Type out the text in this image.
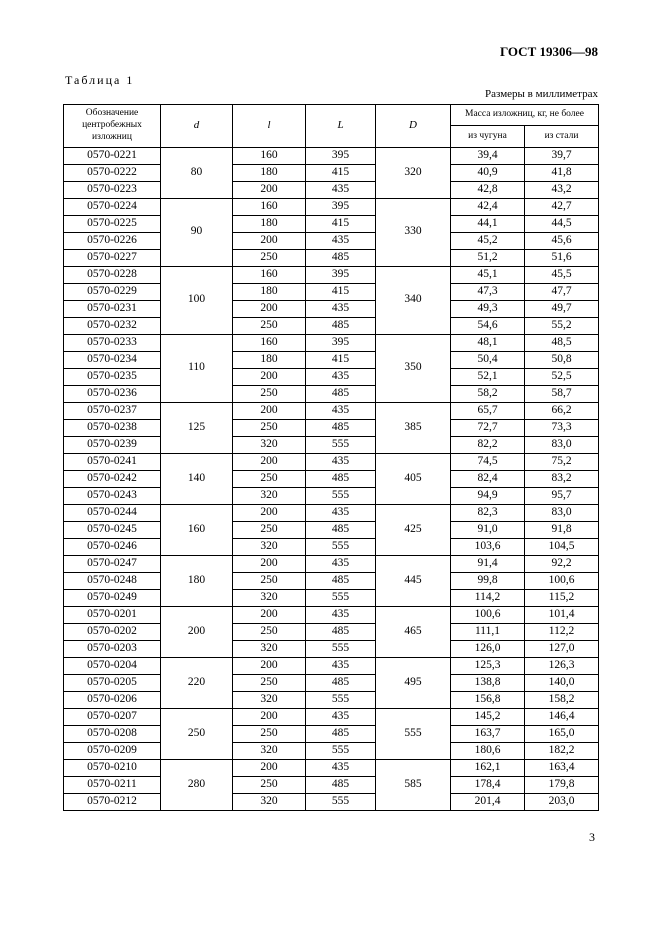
ГОСТ 19306—98
Таблица 1
Размеры в миллиметрах
Обозначение центробежных изложниц	d	l	L	D	Масса изложниц, кг, не более	
					из чугуна	из стали
0570-0221	80	160	395	320	39,4	39,7
0570-0222		180	415		40,9	41,8
0570-0223		200	435		42,8	43,2
0570-0224	90	160	395	330	42,4	42,7
0570-0225		180	415		44,1	44,5
0570-0226		200	435		45,2	45,6
0570-0227		250	485		51,2	51,6
0570-0228	100	160	395	340	45,1	45,5
0570-0229		180	415		47,3	47,7
0570-0231		200	435		49,3	49,7
0570-0232		250	485		54,6	55,2
0570-0233	110	160	395	350	48,1	48,5
0570-0234		180	415		50,4	50,8
0570-0235		200	435		52,1	52,5
0570-0236		250	485		58,2	58,7
0570-0237	125	200	435	385	65,7	66,2
0570-0238		250	485		72,7	73,3
0570-0239		320	555		82,2	83,0
0570-0241	140	200	435	405	74,5	75,2
0570-0242		250	485		82,4	83,2
0570-0243		320	555		94,9	95,7
0570-0244	160	200	435	425	82,3	83,0
0570-0245		250	485		91,0	91,8
0570-0246		320	555		103,6	104,5
0570-0247	180	200	435	445	91,4	92,2
0570-0248		250	485		99,8	100,6
0570-0249		320	555		114,2	115,2
0570-0201	200	200	435	465	100,6	101,4
0570-0202		250	485		111,1	112,2
0570-0203		320	555		126,0	127,0
0570-0204	220	200	435	495	125,3	126,3
0570-0205		250	485		138,8	140,0
0570-0206		320	555		156,8	158,2
0570-0207	250	200	435	555	145,2	146,4
0570-0208		250	485		163,7	165,0
0570-0209		320	555		180,6	182,2
0570-0210	280	200	435	585	162,1	163,4
0570-0211		250	485		178,4	179,8
0570-0212		320	555		201,4	203,0
3
